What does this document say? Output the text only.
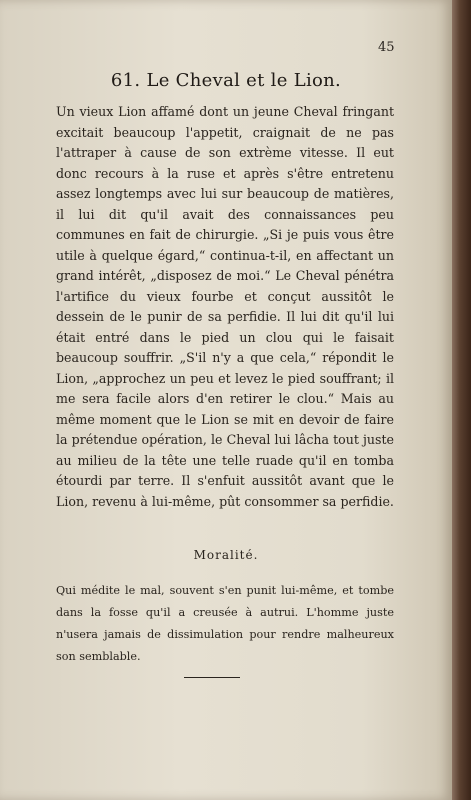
45
61. Le Cheval et le Lion.

Un vieux Lion affamé dont un jeune Cheval fringant excitait beaucoup l'appetit, craignait de ne pas l'attraper à cause de son extrème vitesse. Il eut donc recours à la ruse et après s'être entretenu assez longtemps avec lui sur beaucoup de matières, il lui dit qu'il avait des connaissances peu communes en fait de chirurgie. „Si je puis vous être utile à quelque égard,“ continua-t-il, en affectant un grand intérêt, „disposez de moi.“ Le Cheval pénétra l'artifice du vieux fourbe et conçut aussitôt le dessein de le punir de sa perfidie. Il lui dit qu'il lui était entré dans le pied un clou qui le faisait beaucoup souffrir. „S'il n'y a que cela,“ répondit le Lion, „approchez un peu et levez le pied souffrant; il me sera facile alors d'en retirer le clou.“ Mais au même moment que le Lion se mit en devoir de faire la prétendue opération, le Cheval lui lâcha tout juste au milieu de la tête une telle ruade qu'il en tomba étourdi par terre. Il s'enfuit aussitôt avant que le Lion, revenu à lui-même, pût consommer sa perfidie.

Moralité.

Qui médite le mal, souvent s'en punit lui-même, et tombe dans la fosse qu'il a creusée à autrui. L'homme juste n'usera jamais de dissimulation pour rendre malheureux son semblable.
